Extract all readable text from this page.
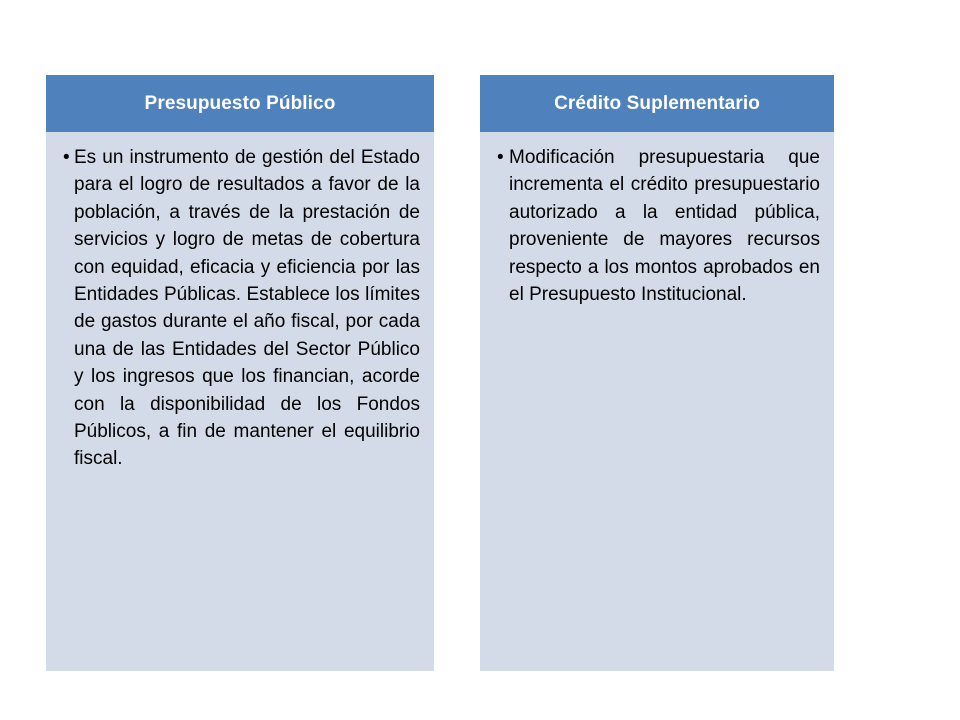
Presupuesto Público
• Es un instrumento de gestión del Estado para el logro de resultados a favor de la población, a través de la prestación de servicios y logro de metas de cobertura con equidad, eficacia y eficiencia por las Entidades Públicas. Establece los límites de gastos durante el año fiscal, por cada una de las Entidades del Sector Público y los ingresos que los financian, acorde con la disponibilidad de los Fondos Públicos, a fin de mantener el equilibrio fiscal.
Crédito Suplementario
• Modificación presupuestaria que incrementa el crédito presupuestario autorizado a la entidad pública, proveniente de mayores recursos respecto a los montos aprobados en el Presupuesto Institucional.
